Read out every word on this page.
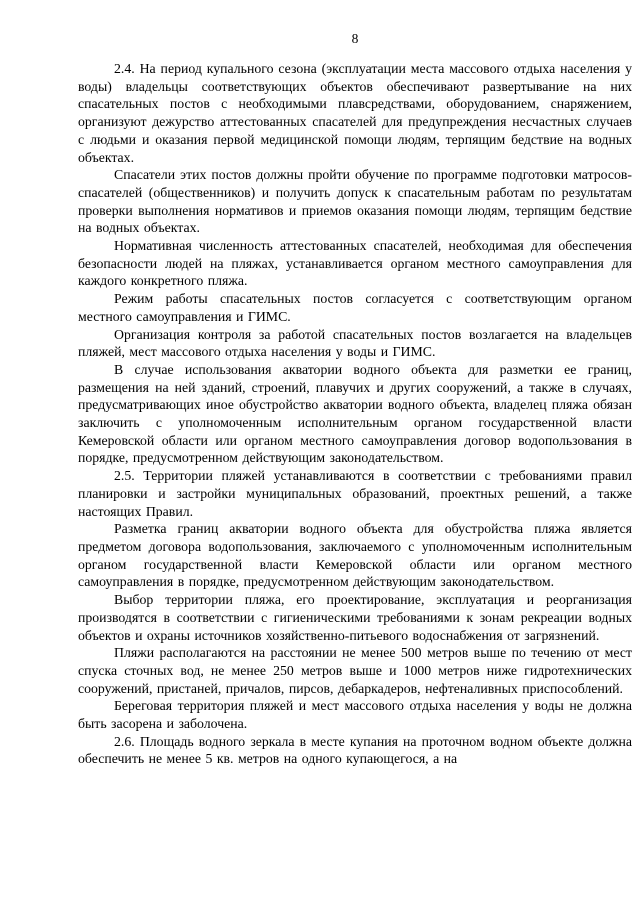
8

2.4. На период купального сезона (эксплуатации места массового отдыха населения у воды) владельцы соответствующих объектов обеспечивают развертывание на них спасательных постов с необходимыми плавсредствами, оборудованием, снаряжением, организуют дежурство аттестованных спасателей для предупреждения несчастных случаев с людьми и оказания первой медицинской помощи людям, терпящим бедствие на водных объектах.

Спасатели этих постов должны пройти обучение по программе подготовки матросов-спасателей (общественников) и получить допуск к спасательным работам по результатам проверки выполнения нормативов и приемов оказания помощи людям, терпящим бедствие на водных объектах.

Нормативная численность аттестованных спасателей, необходимая для обеспечения безопасности людей на пляжах, устанавливается органом местного самоуправления для каждого конкретного пляжа.

Режим работы спасательных постов согласуется с соответствующим органом местного самоуправления и ГИМС.

Организация контроля за работой спасательных постов возлагается на владельцев пляжей, мест массового отдыха населения у воды и ГИМС.

В случае использования акватории водного объекта для разметки ее границ, размещения на ней зданий, строений, плавучих и других сооружений, а также в случаях, предусматривающих иное обустройство акватории водного объекта, владелец пляжа обязан заключить с уполномоченным исполнительным органом государственной власти Кемеровской области или органом местного самоуправления договор водопользования в порядке, предусмотренном действующим законодательством.

2.5. Территории пляжей устанавливаются в соответствии с требованиями правил планировки и застройки муниципальных образований, проектных решений, а также настоящих Правил.

Разметка границ акватории водного объекта для обустройства пляжа является предметом договора водопользования, заключаемого с уполномоченным исполнительным органом государственной власти Кемеровской области или органом местного самоуправления в порядке, предусмотренном действующим законодательством.

Выбор территории пляжа, его проектирование, эксплуатация и реорганизация производятся в соответствии с гигиеническими требованиями к зонам рекреации водных объектов и охраны источников хозяйственно-питьевого водоснабжения от загрязнений.

Пляжи располагаются на расстоянии не менее 500 метров выше по течению от мест спуска сточных вод, не менее 250 метров выше и 1000 метров ниже гидротехнических сооружений, пристаней, причалов, пирсов, дебаркадеров, нефтеналивных приспособлений.

Береговая территория пляжей и мест массового отдыха населения у воды не должна быть засорена и заболочена.

2.6. Площадь водного зеркала в месте купания на проточном водном объекте должна обеспечить не менее 5 кв. метров на одного купающегося, а на
